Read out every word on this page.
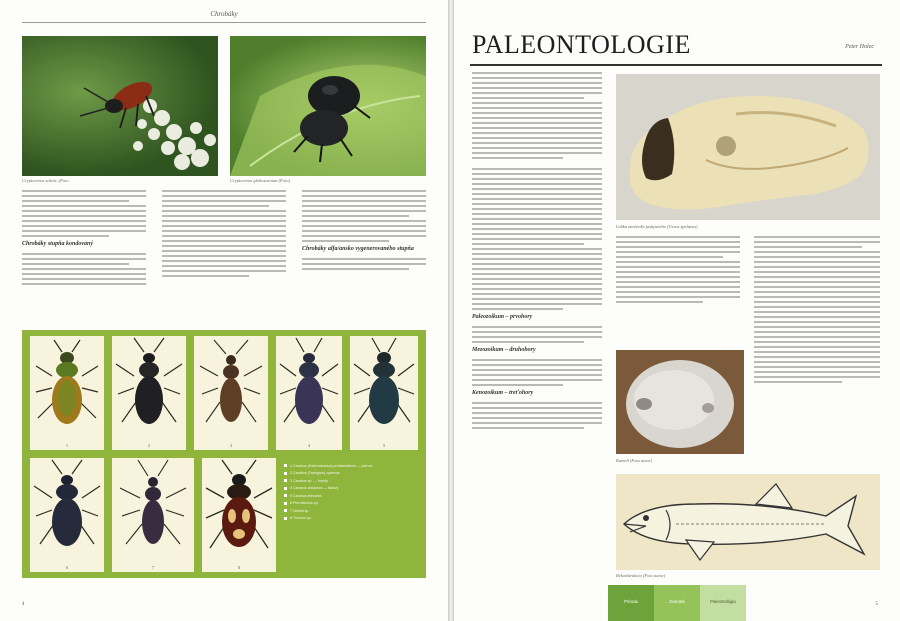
Chrobáky
Cryptocerus scheis. (Foto	Cryptocerus globosus/ann (Foto)
Chrobáky stupňa kondovaný
Chrobáky alfa/ansko vygenerovaného stupňa
1	2	3	4	5
6	7	8
1 Carabus (Hadrocarabus) problematicus — pidroni
2 Carabus (Tachypus) cyaneus
3 Carabus sp. — hnedý
4 Carabus violaceus — fialový
5 Carabus intricatus
6 Pterostichus sp.
7 Nebria sp.
8 Trechus sp.
4
PALEONTOLOGIE	Peter Holec
Paleozoikum – prvohory
Mezozoikum – druhohory
Kenozoikum – treťohory
Lebka medveďa jaskynného (Ursus spelaeus)
Kameň (Foto autor)
Rekonštrukcia (Foto autor)
Príroda	Zvieratá	Paleontológia
5
